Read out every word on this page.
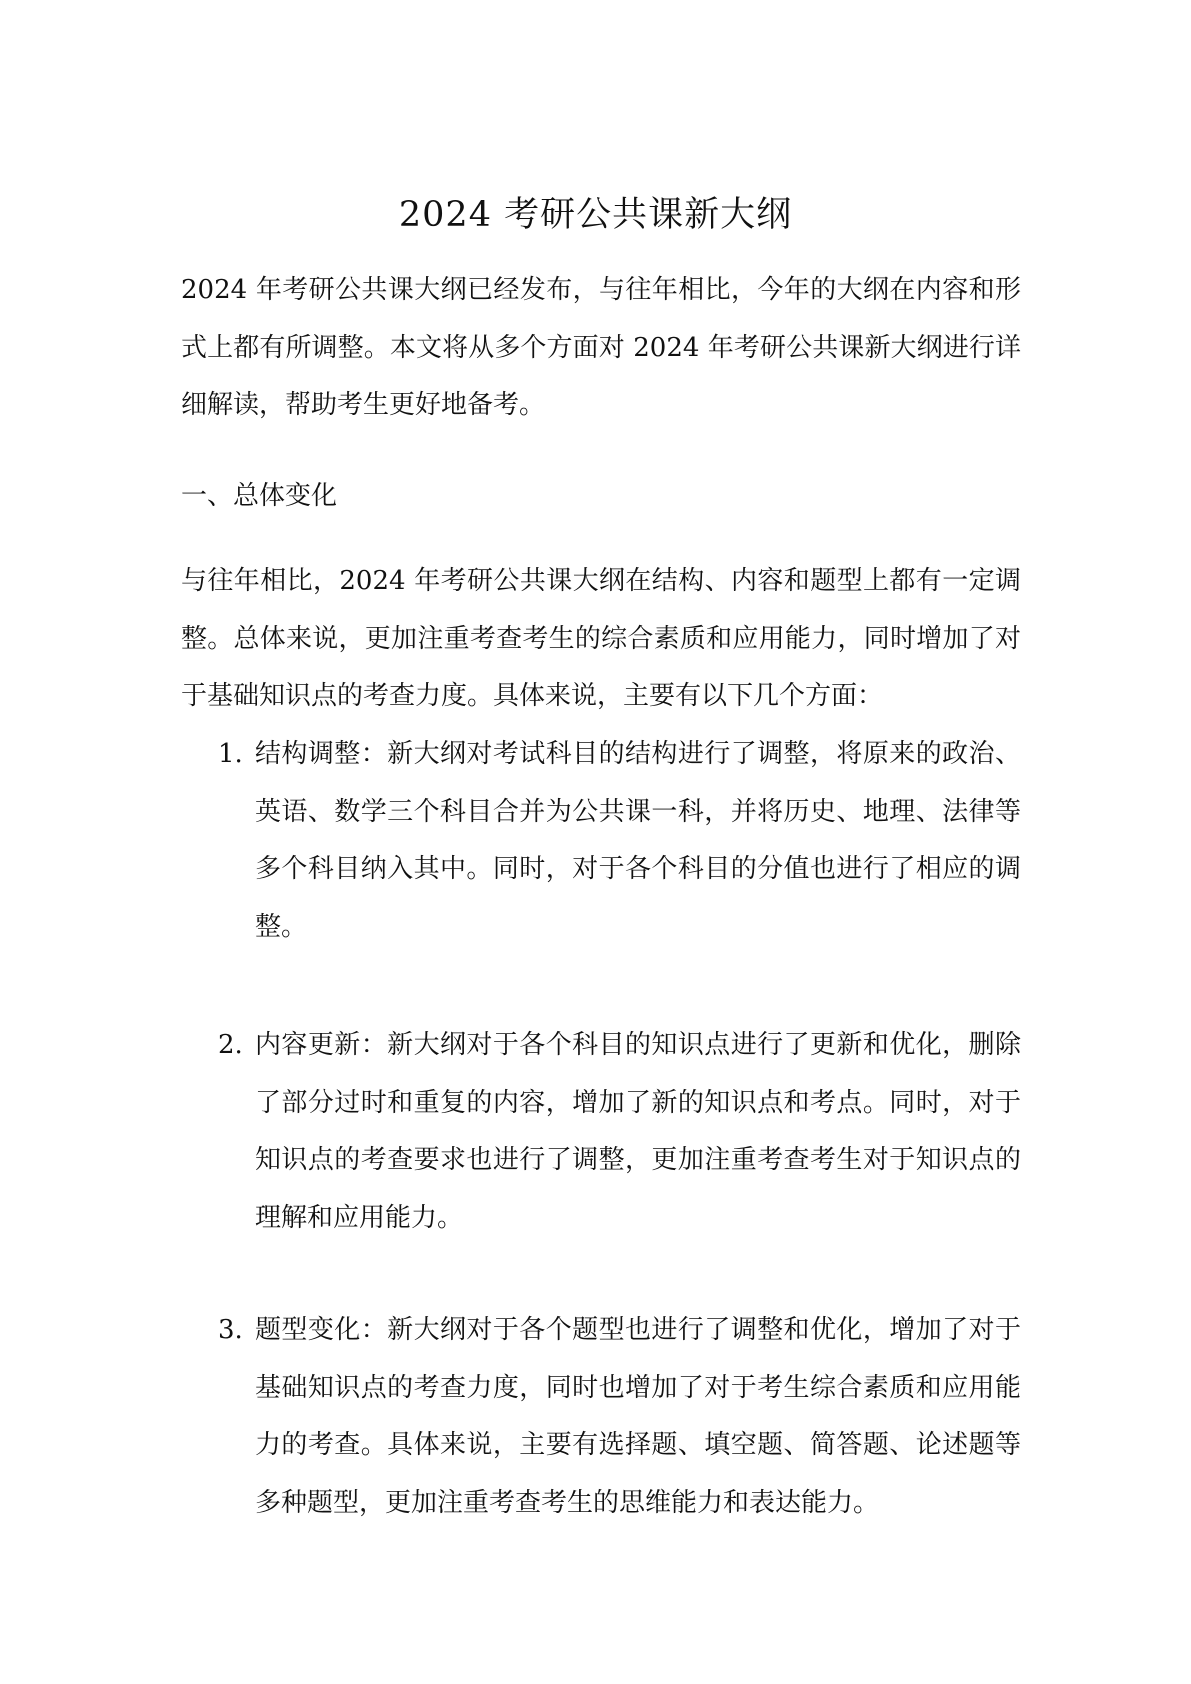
2024 考研公共课新大纲

2024 年考研公共课大纲已经发布，与往年相比，今年的大纲在内容和形式上都有所调整。本文将从多个方面对 2024 年考研公共课新大纲进行详细解读，帮助考生更好地备考。

一、总体变化

与往年相比，2024 年考研公共课大纲在结构、内容和题型上都有一定调整。总体来说，更加注重考查考生的综合素质和应用能力，同时增加了对于基础知识点的考查力度。具体来说，主要有以下几个方面：

1. 结构调整：新大纲对考试科目的结构进行了调整，将原来的政治、英语、数学三个科目合并为公共课一科，并将历史、地理、法律等多个科目纳入其中。同时，对于各个科目的分值也进行了相应的调整。
2. 内容更新：新大纲对于各个科目的知识点进行了更新和优化，删除了部分过时和重复的内容，增加了新的知识点和考点。同时，对于知识点的考查要求也进行了调整，更加注重考查考生对于知识点的理解和应用能力。
3. 题型变化：新大纲对于各个题型也进行了调整和优化，增加了对于基础知识点的考查力度，同时也增加了对于考生综合素质和应用能力的考查。具体来说，主要有选择题、填空题、简答题、论述题等多种题型，更加注重考查考生的思维能力和表达能力。
